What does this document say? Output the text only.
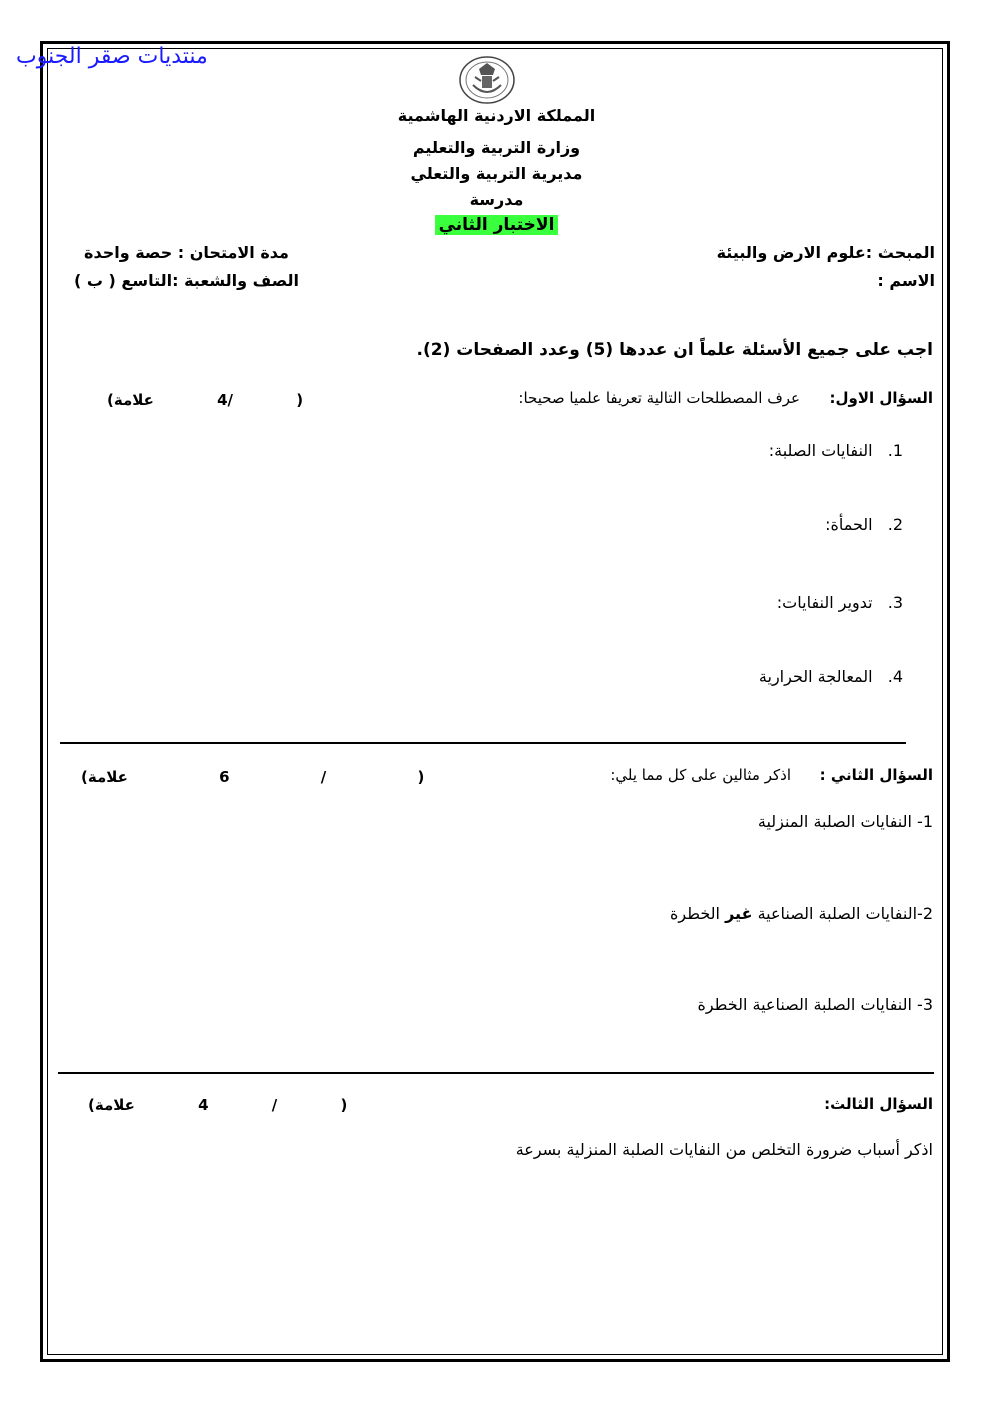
منتديات صقر الجنوب
المملكة الاردنية الهاشمية
وزارة التربية والتعليم
مديرية التربية والتعلي
مدرسة
الاختبار الثاني
المبحث :علوم الارض والبيئة
مدة الامتحان : حصة واحدة
الاسم :
الصف والشعبة :التاسع ( ب )
اجب على جميع الأسئلة علماً ان عددها (5) وعدد الصفحات (2).
السؤال الاول:
عرف المصطلحات التالية تعريفا علميا صحيحا:
( /4 علامة)
1. النفايات الصلبة:
2. الحمأة:
3. تدوير النفايات:
4. المعالجة الحرارية
السؤال الثاني :
اذكر مثالين على كل مما يلي:
( / 6 علامة)
1- النفايات الصلبة المنزلية
2-النفايات الصلبة الصناعية غير الخطرة
3- النفايات الصلبة الصناعية الخطرة
السؤال الثالث:
( / 4 علامة)
اذكر أسباب ضرورة التخلص من النفايات الصلبة المنزلية بسرعة
